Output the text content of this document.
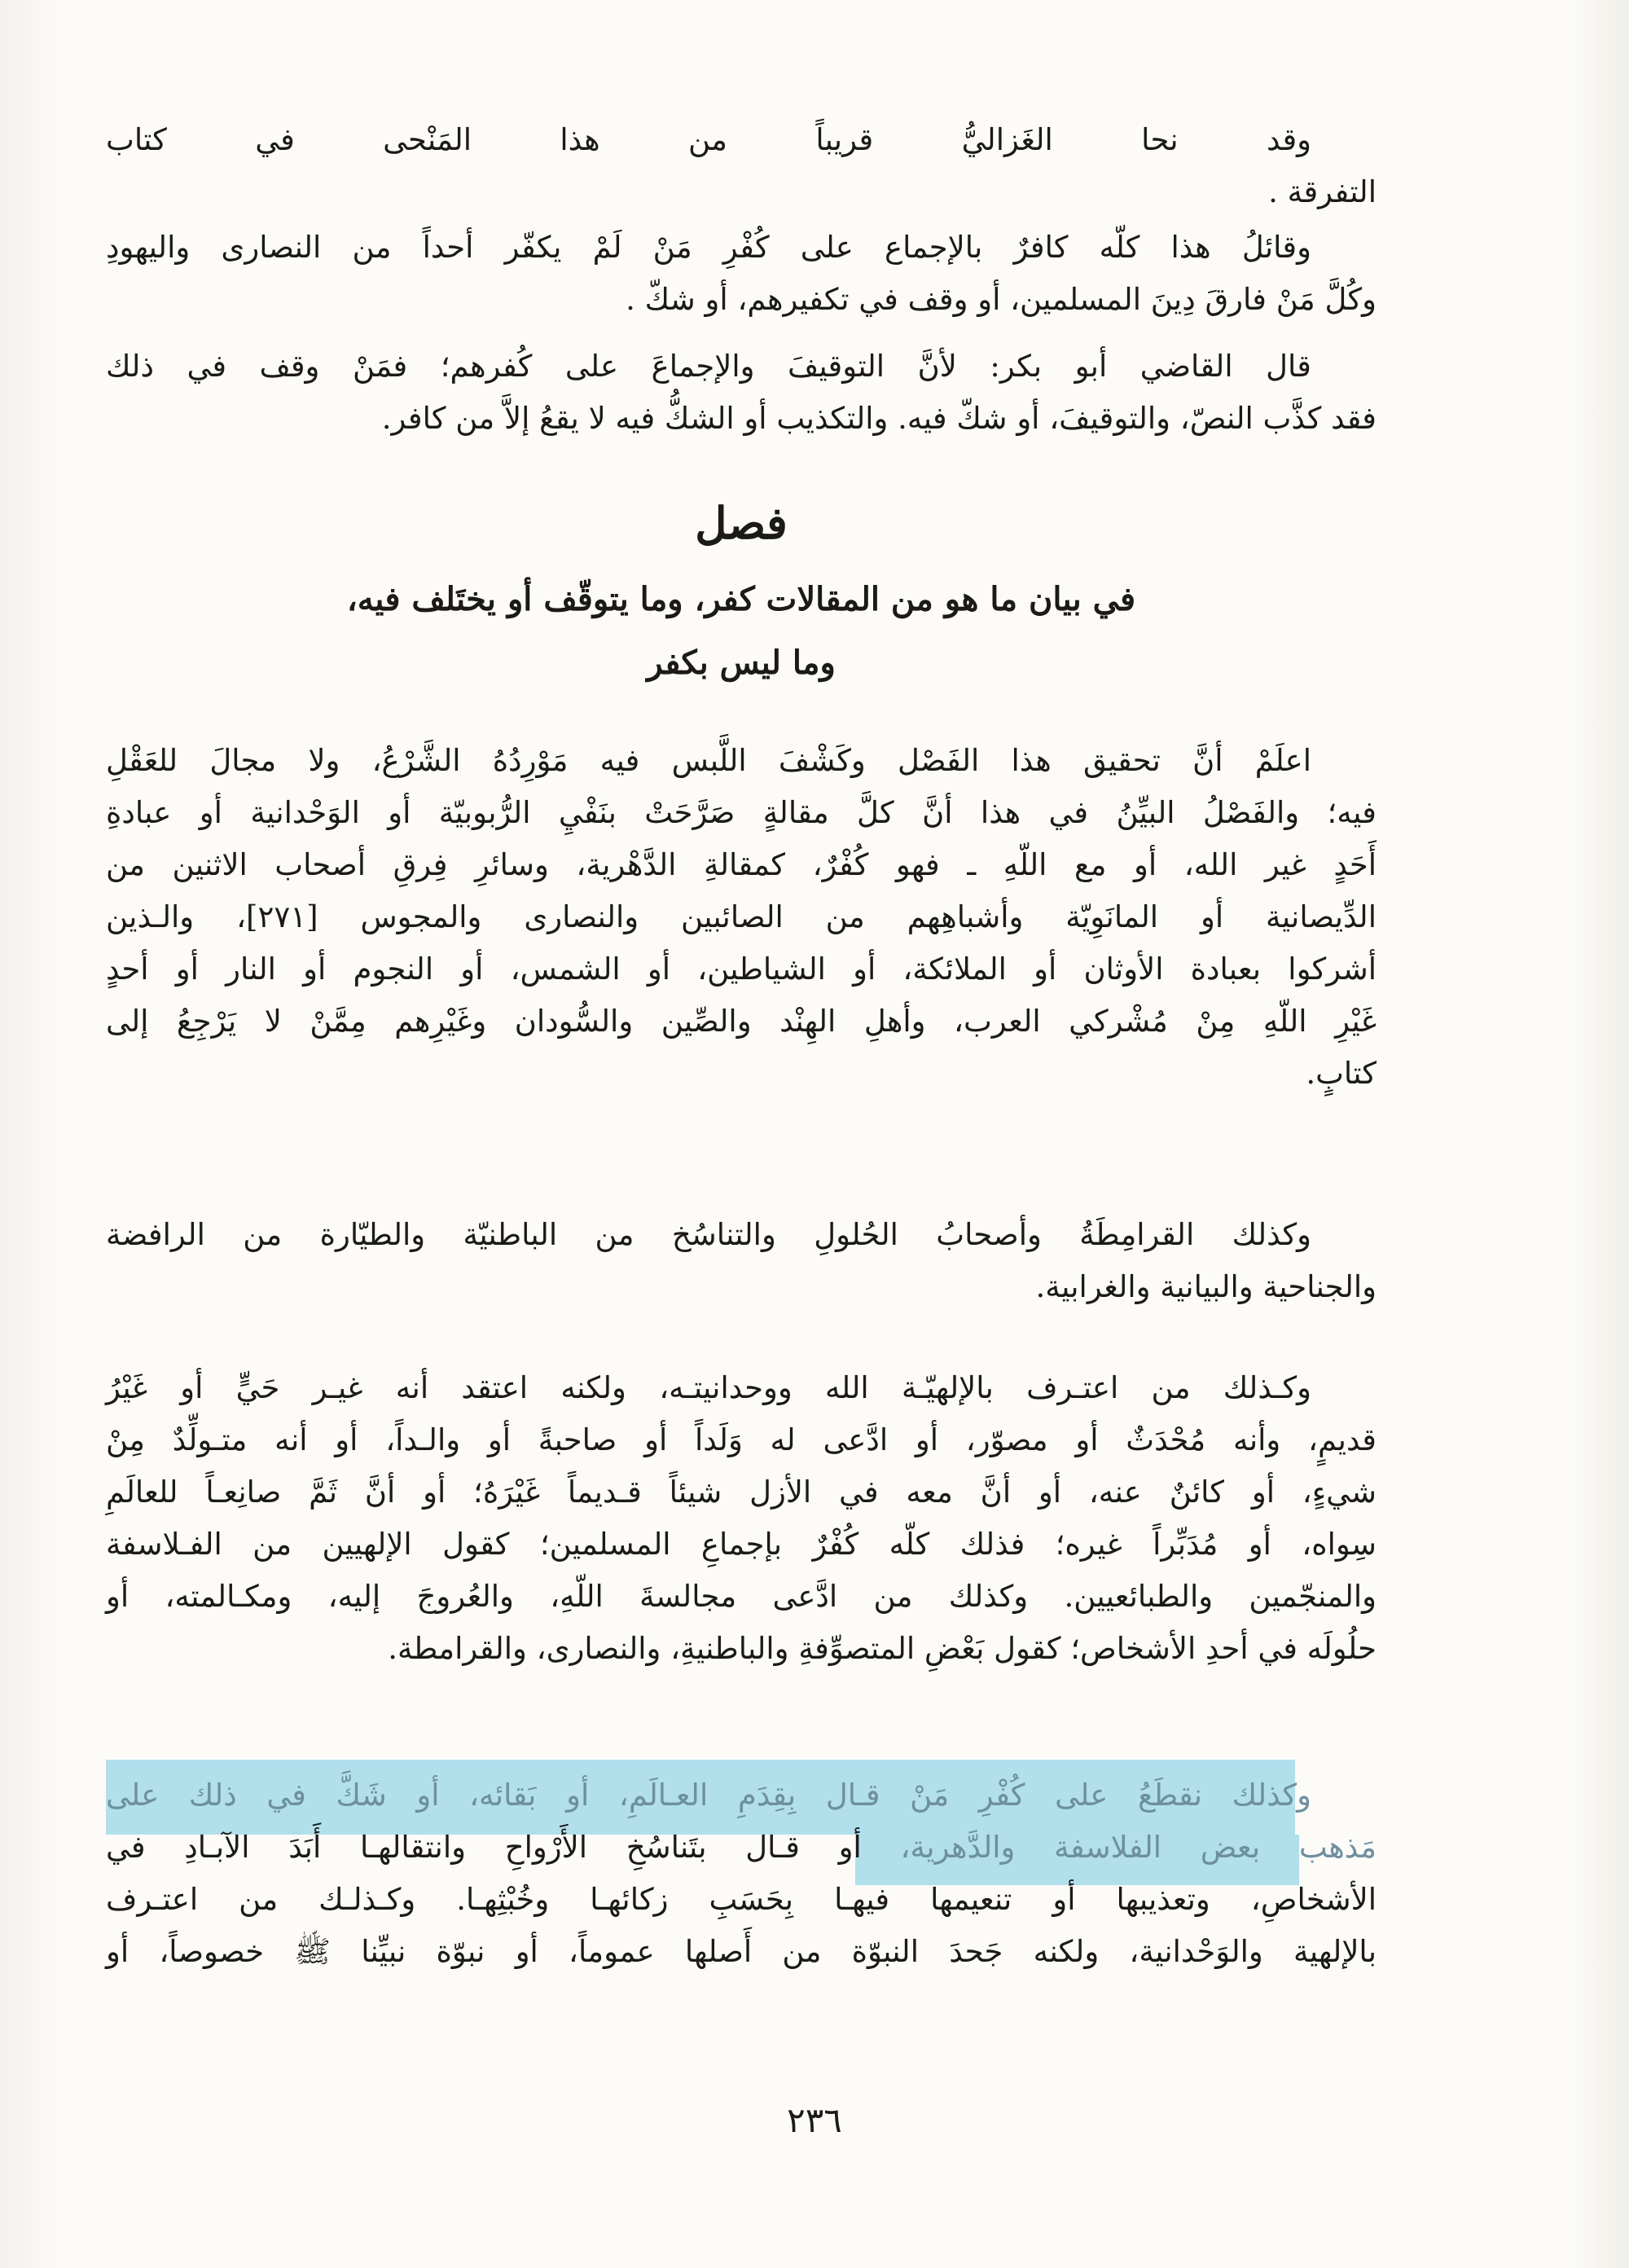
وقد نحا الغَزاليُّ قريباً من هذا المَنْحى في كتاب
التفرقة .
وقائلُ هذا كلّه كافرٌ بالإجماع على كُفْرِ مَنْ لَمْ يكفّر أحداً من النصارى واليهودِ
وكُلَّ مَنْ فارقَ دِينَ المسلمين، أو وقف في تكفيرهم، أو شكّ .
قال القاضي أبو بكر: لأنَّ التوقيفَ والإجماعَ على كُفرهم؛ فمَنْ وقف في ذلك
فقد كذَّب النصّ، والتوقيفَ، أو شكّ فيه. والتكذيب أو الشكُّ فيه لا يقعُ إلاَّ من كافر.
فصل
في بيان ما هو من المقالات كفر، وما يتوقّف أو يختَلف فيه،
وما ليس بكفر
اعلَمْ أنَّ تحقيق هذا الفَصْل وكَشْفَ اللَّبس فيه مَوْرِدُهُ الشَّرْعُ، ولا مجالَ للعَقْلِ
فيه؛ والفَصْلُ البيِّنُ في هذا أنَّ كلَّ مقالةٍ صَرَّحَتْ بنَفْيِ الرُّبوبيّة أو الوَحْدانية أو عبادةِ
أَحَدٍ غير الله، أو مع اللّهِ ـ فهو كُفْرٌ، كمقالةِ الدَّهْرية، وسائرِ فِرقِ أصحاب الاثنين من
الدِّيصانية أو المانَوِيّة وأشباهِهم من الصائبين والنصارى والمجوس [٢٧١]، والـذين
أشركوا بعبادة الأوثان أو الملائكة، أو الشياطين، أو الشمس، أو النجوم أو النار أو أحدٍ
غَيْرِ اللّهِ مِنْ مُشْركي العرب، وأهلِ الهِنْد والصِّين والسُّودان وغَيْرِهم مِمَّنْ لا يَرْجِعُ إلى
كتابٍ.
وكذلك القرامِطَةُ وأصحابُ الحُلولِ والتناسُخ من الباطنيّة والطيّارة من الرافضة
والجناحية والبيانية والغرابية.
وكـذلك من اعتـرف بالإلهيّـة الله ووحدانيتـه، ولكنه اعتقد أنه غيـر حَيٍّ أو غَيْرُ
قديمٍ، وأنه مُحْدَثٌ أو مصوّر، أو ادَّعى له وَلَداً أو صاحبةً أو والـداً، أو أنه متـولِّدٌ مِنْ
شيءٍ، أو كائنٌ عنه، أو أنَّ معه في الأزل شيئاً قـديماً غَيْرَهُ؛ أو أنَّ ثَمَّ صانِعـاً للعالَمِ
سِواه، أو مُدَبِّراً غيره؛ فذلك كلّه كُفْرٌ بإجماعِ المسلمين؛ كقول الإلهيين من الفـلاسفة
والمنجّمين والطبائعيين. وكذلك من ادَّعى مجالسةَ اللّهِ، والعُروجَ إليه، ومكـالمته، أو
حلُولَه في أحدِ الأشخاص؛ كقول بَعْضِ المتصوِّفةِ والباطنيةِ، والنصارى، والقرامطة.
وكذلك نقطَعُ على كُفْرِ مَنْ قـال بِقِدَمِ العـالَمِ، أو بَقائه، أو شَكَّ في ذلك على
مَذهب بعض الفلاسفة والدَّهرية، أو قـال بتَناسُخِ الأَرْواحِ وانتقالهـا أَبَدَ الآبـادِ في
الأشخاصِ، وتعذيبها أو تنعيمها فيهـا بِحَسَبِ زكائهـا وخُبْثِهـا. وكـذلـك من اعتـرف
بالإلهية والوَحْدانية، ولكنه جَحدَ النبوّة من أَصلها عموماً، أو نبوّة نبيِّنا ﷺ خصوصاً، أو
٢٣٦
